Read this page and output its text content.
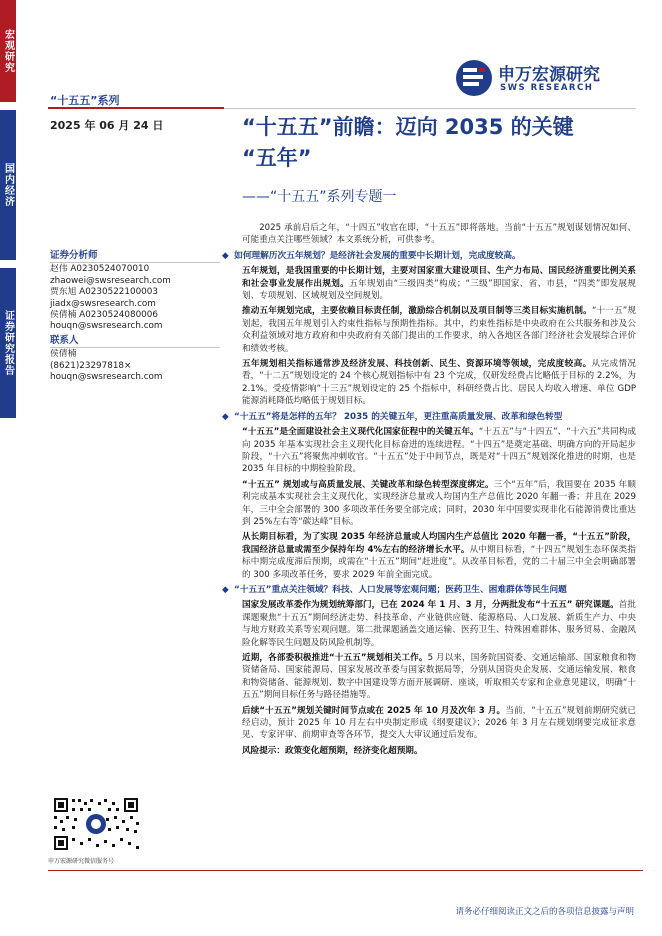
宏观研究
国内经济
证券研究报告
“十五五”系列
申万宏源研究
SWS RESEARCH
2025 年 06 月 24 日	“十五五”前瞻：迈向 2035 的关键
“五年”
——“十五五”系列专题一
证券分析师
赵伟 A0230524070010
zhaowei@swsresearch.com
贾东旭 A0230522100003
jiadx@swsresearch.com
侯倩楠 A0230524080006
houqn@swsresearch.com
联系人
侯倩楠
(8621)23297818×
houqn@swsresearch.com
申万宏源研究微信服务号
2025 承前启后之年，“十四五”收官在即，“十五五”即将落地。当前“十五五”规划谋划情况如何、可能重点关注哪些领域？本文系统分析，可供参考。
◆ 如何理解历次五年规划？是经济社会发展的重要中长期计划，完成度较高。
五年规划，是我国重要的中长期计划，主要对国家重大建设项目、生产力布局、国民经济重要比例关系和社会事业发展作出规划。五年规划由“三级四类”构成；“三级”即国家、省、市县，“四类”即发展规划、专项规划、区域规划及空间规划。
推动五年规划完成，主要依赖目标责任制，激励综合机制以及项目制等三类目标实施机制。“十一五”规划起，我国五年规划引入约束性指标与预期性指标。其中，约束性指标是中央政府在公共服务和涉及公众利益领域对地方政府和中央政府有关部门提出的工作要求，纳入各地区各部门经济社会发展综合评价和绩效考核。
五年规划相关指标通常涉及经济发展、科技创新、民生、资源环境等领域，完成度较高。从完成情况看，“十二五”规划设定的 24 个核心规划指标中有 23 个完成，仅研发经费占比略低于目标的 2.2%，为 2.1%。受疫情影响“十三五”规划设定的 25 个指标中，科研经费占比、居民人均收入增速、单位 GDP 能源消耗降低均略低于规划目标。
◆ “十五五”将是怎样的五年？ 2035 的关键五年，更注重高质量发展、改革和绿色转型
“十五五”是全面建设社会主义现代化国家征程中的关键五年。“十五五”与“十四五”、“十六五”共同构成向 2035 年基本实现社会主义现代化目标奋进的连续进程。“十四五”是奠定基础、明确方向的开局起步阶段，“十六五”将聚焦冲刺收官。“十五五”处于中间节点，既是对“十四五”规划深化推进的时期，也是 2035 年目标的中期检验阶段。
“十五五” 规划或与高质量发展、关键改革和绿色转型深度绑定。三个“五年”后，我国要在 2035 年顺利完成基本实现社会主义现代化，实现经济总量或人均国内生产总值比 2020 年翻一番；并且在 2029 年，三中全会部署的 300 多项改革任务要全部完成；同时，2030 年中国要实现非化石能源消费比重达到 25%左右等“碳达峰”目标。
从长期目标看，为了实现 2035 年经济总量或人均国内生产总值比 2020 年翻一番，“十五五”阶段，我国经济总量或需至少保持年均 4%左右的经济增长水平。从中期目标看，“十四五”规划生态环保类指标中期完成度滞后预期，或需在“十五五”期间“赶进度”。从改革目标看，党的二十届三中全会明确部署的 300 多项改革任务，要求 2029 年前全面完成。
◆ “十五五”重点关注领域？科技、人口发展等宏观问题；医药卫生、困难群体等民生问题
国家发展改革委作为规划统筹部门，已在 2024 年 1 月、3 月，分两批发布“十五五” 研究课题。首批课题聚焦“十五五”期间经济走势、科技革命、产业链供应链、能源格局、人口发展、新质生产力、中央与地方财政关系等宏观问题。第二批课题涵盖交通运输、医药卫生、特殊困难群体、服务贸易、金融风险化解等民生问题及防风险机制等。
近期，各部委积极推进“十五五”规划相关工作。5 月以来，国务院国资委、交通运输部、国家粮食和物资储备局、国家能源局、国家发展改革委与国家数据局等，分别从国资央企发展、交通运输发展、粮食和物资储备、能源规划、数字中国建设等方面开展调研、座谈，听取相关专家和企业意见建议，明确“十五五”期间目标任务与路径措施等。
后续“十五五”规划关键时间节点或在 2025 年 10 月及次年 3 月。当前，“十五五”规划前期研究就已经启动，预计 2025 年 10 月左右中央制定形成《纲要建议》；2026 年 3 月左右规划纲要完成征求意见、专家评审、前期审查等各环节，提交人大审议通过后发布。
风险提示：政策变化超预期，经济变化超预期。
请务必仔细阅读正文之后的各项信息披露与声明
